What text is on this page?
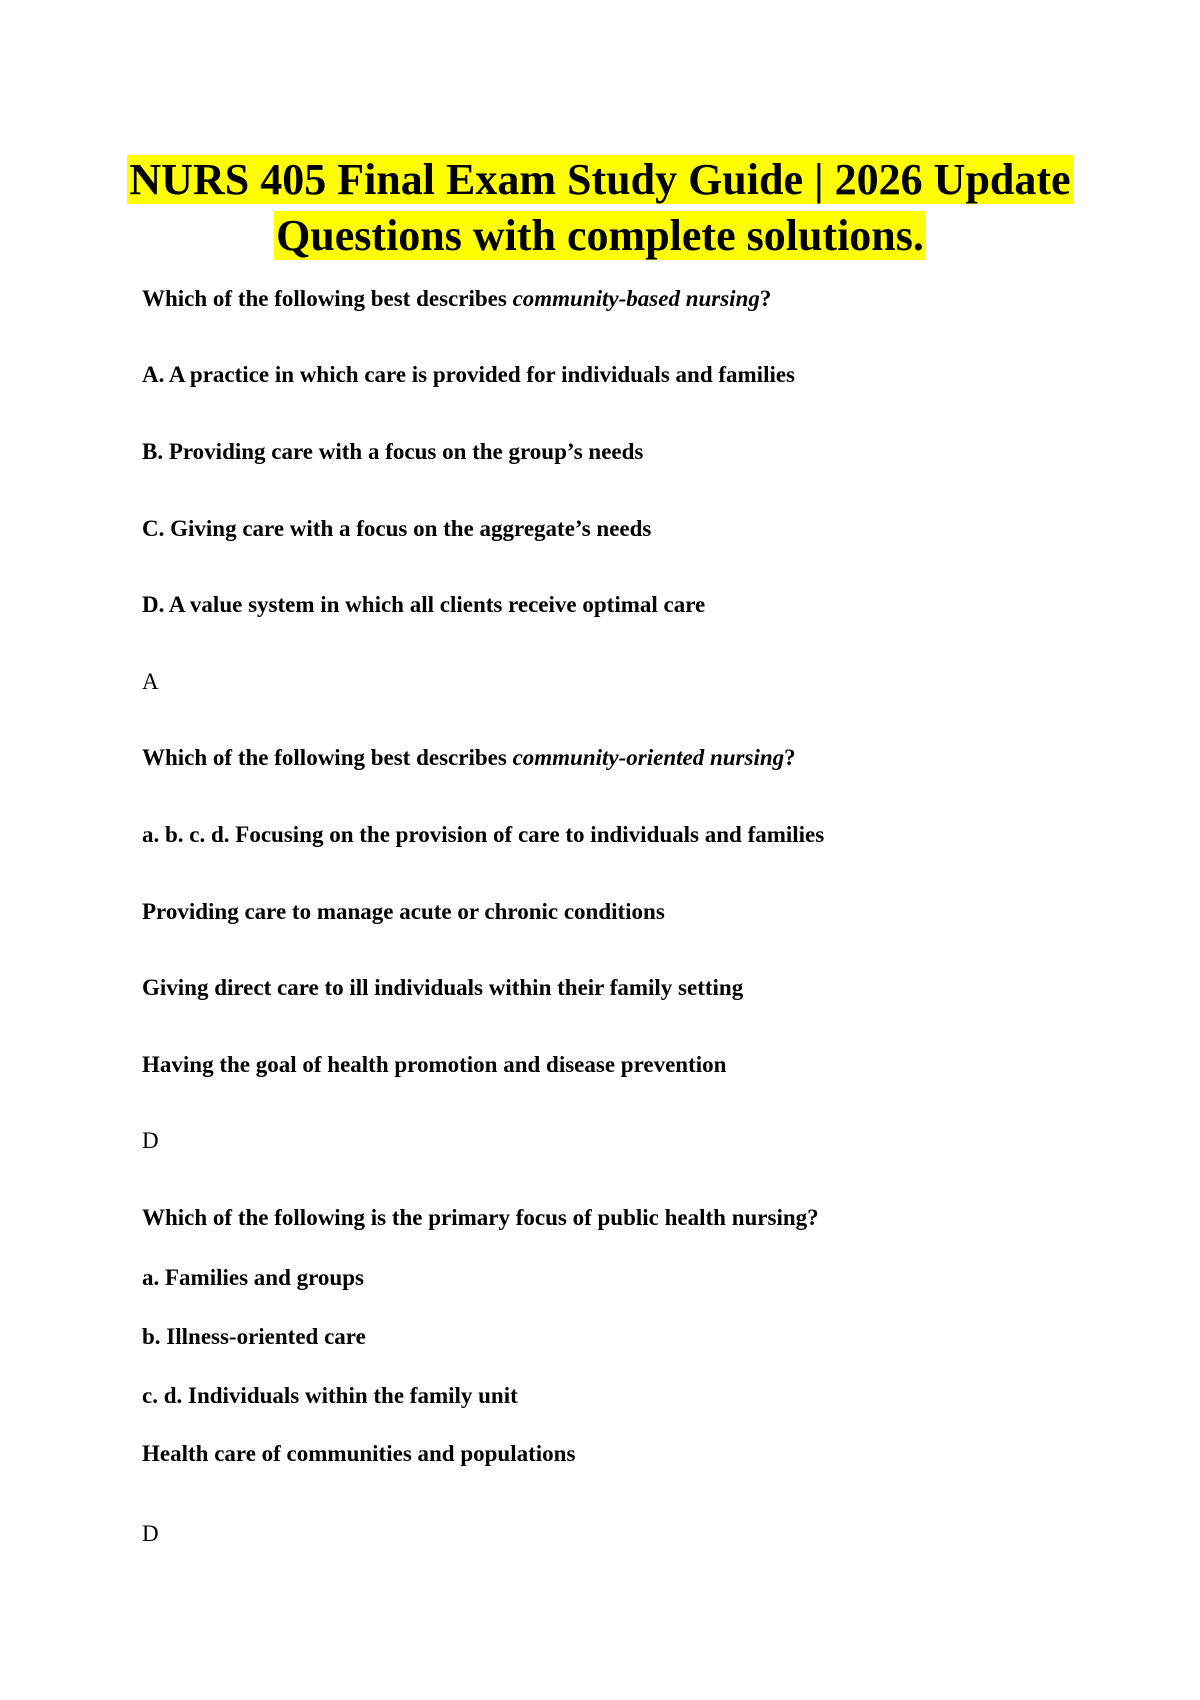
NURS 405 Final Exam Study Guide | 2026 Update
Questions with complete solutions.
Which of the following best describes community-based nursing?
A. A practice in which care is provided for individuals and families
B. Providing care with a focus on the group’s needs
C. Giving care with a focus on the aggregate’s needs
D. A value system in which all clients receive optimal care
A
Which of the following best describes community-oriented nursing?
a. b. c. d. Focusing on the provision of care to individuals and families
Providing care to manage acute or chronic conditions
Giving direct care to ill individuals within their family setting
Having the goal of health promotion and disease prevention
D
Which of the following is the primary focus of public health nursing?
a. Families and groups
b. Illness-oriented care
c. d. Individuals within the family unit
Health care of communities and populations
D
